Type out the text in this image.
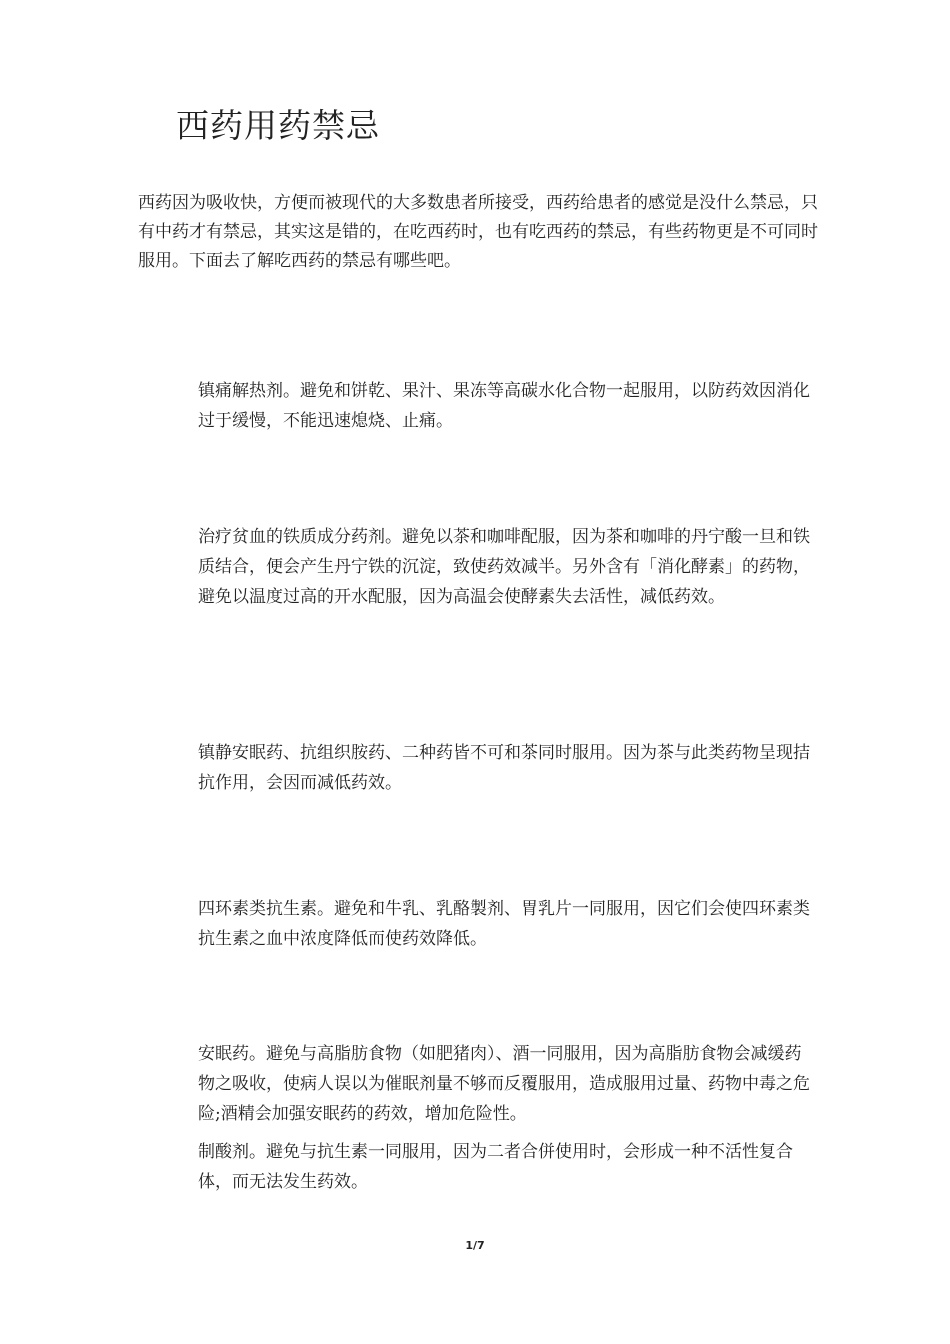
西药用药禁忌

西药因为吸收快，方便而被现代的大多数患者所接受，西药给患者的感觉是没什么禁忌，只有中药才有禁忌，其实这是错的，在吃西药时，也有吃西药的禁忌，有些药物更是不可同时服用。下面去了解吃西药的禁忌有哪些吧。

镇痛解热剂。避免和饼乾、果汁、果冻等高碳水化合物一起服用，以防药效因消化过于缓慢，不能迅速熄烧、止痛。

治疗贫血的铁质成分药剂。避免以茶和咖啡配服，因为茶和咖啡的丹宁酸一旦和铁质结合，便会产生丹宁铁的沉淀，致使药效减半。另外含有「消化酵素」的药物，避免以温度过高的开水配服，因为高温会使酵素失去活性，减低药效。

镇静安眠药、抗组织胺药、二种药皆不可和茶同时服用。因为茶与此类药物呈现拮抗作用，会因而减低药效。

四环素类抗生素。避免和牛乳、乳酪製剂、胃乳片一同服用，因它们会使四环素类抗生素之血中浓度降低而使药效降低。

安眠药。避免与高脂肪食物（如肥猪肉）、酒一同服用，因为高脂肪食物会减缓药物之吸收，使病人误以为催眠剂量不够而反覆服用，造成服用过量、药物中毒之危险;酒精会加强安眠药的药效，增加危险性。

制酸剂。避免与抗生素一同服用，因为二者合併使用时，会形成一种不活性复合体，而无法发生药效。

1/7
